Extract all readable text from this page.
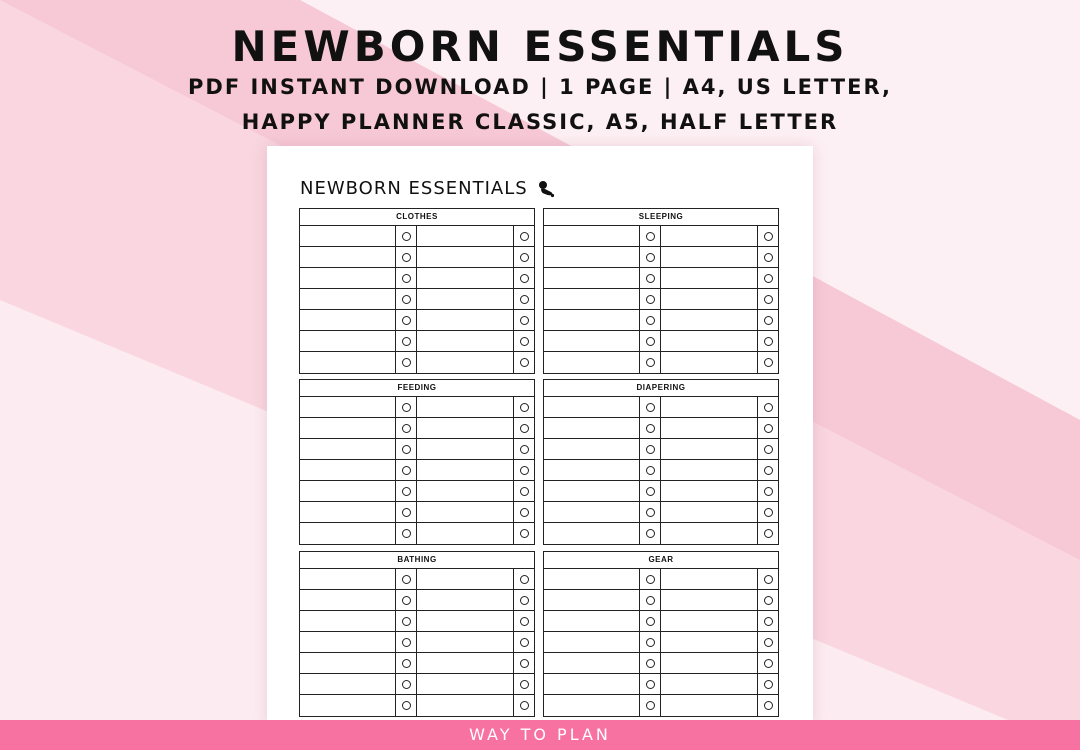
NEWBORN ESSENTIALS
PDF INSTANT DOWNLOAD | 1 PAGE | A4, US LETTER,
HAPPY PLANNER CLASSIC, A5, HALF LETTER
NEWBORN ESSENTIALS
CLOTHES	SLEEPING
FEEDING	DIAPERING
BATHING	GEAR
WAY TO PLAN
